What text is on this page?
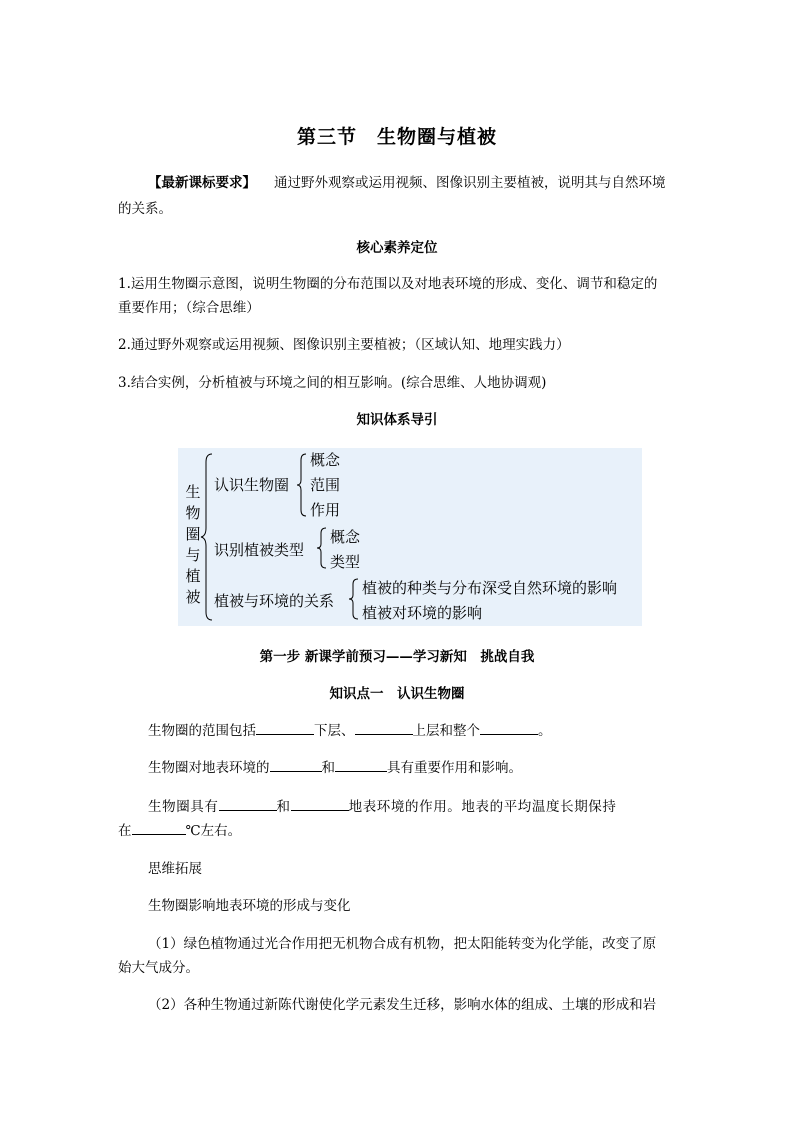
第三节　生物圈与植被
【最新课标要求】 通过野外观察或运用视频、图像识别主要植被，说明其与自然环境
的关系。
核心素养定位
1.运用生物圈示意图，说明生物圈的分布范围以及对地表环境的形成、变化、调节和稳定的
重要作用；（综合思维）
2.通过野外观察或运用视频、图像识别主要植被；（区域认知、地理实践力）
3.结合实例，分析植被与环境之间的相互影响。(综合思维、人地协调观)
知识体系导引
生
物
圈
与
植
被
认识生物圈
概念
范围
作用
识别植被类型
概念
类型
植被与环境的关系
植被的种类与分布深受自然环境的影响
植被对环境的影响
第一步 新课学前预习——学习新知　挑战自我
知识点一　认识生物圈
生物圈的范围包括	下层、	上层和整个	。
生物圈对地表环境的	和	具有重要作用和影响。
生物圈具有	和	地表环境的作用。地表的平均温度长期保持
在	℃左右。
思维拓展
生物圈影响地表环境的形成与变化
（1）绿色植物通过光合作用把无机物合成有机物，把太阳能转变为化学能，改变了原
始大气成分。
（2）各种生物通过新陈代谢使化学元素发生迁移，影响水体的组成、土壤的形成和岩
